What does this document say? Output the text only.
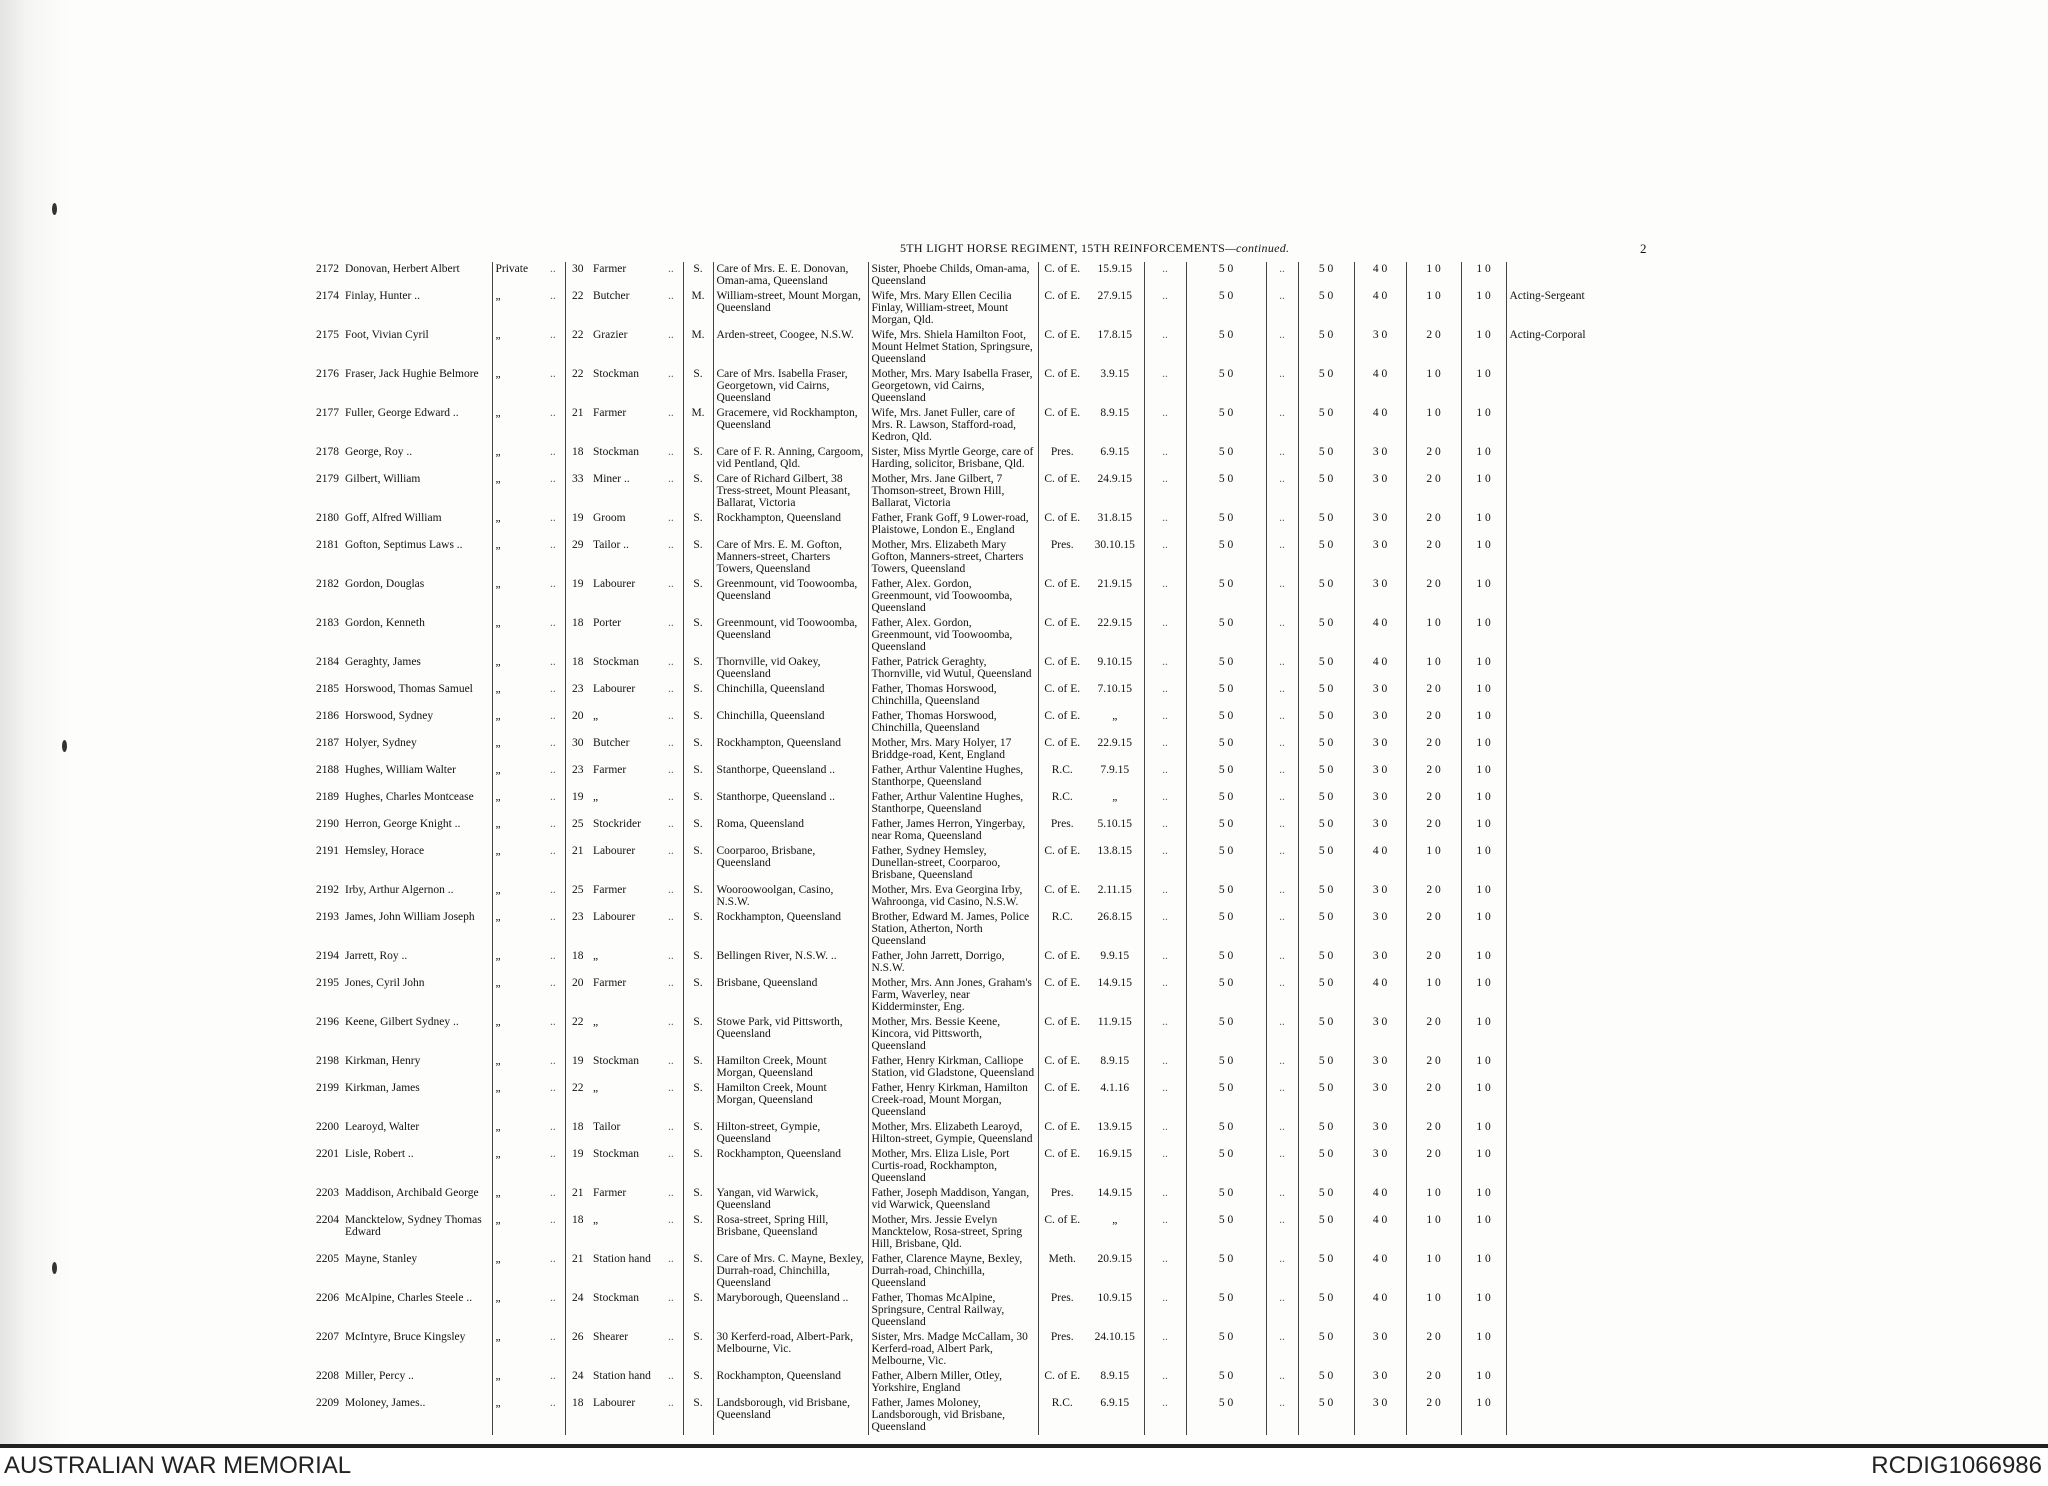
5TH LIGHT HORSE REGIMENT, 15TH REINFORCEMENTS—continued.	2
2172	Donovan, Herbert Albert	Private	..	30	Farmer	..	S.	Care of Mrs. E. E. Donovan, Oman-ama, Queensland	Sister, Phoebe Childs, Oman-ama, Queensland	C. of E.	15.9.15	..	5 0	..	5 0	4 0	1 0	1 0	
2174	Finlay, Hunter ..	„	..	22	Butcher	..	M.	William-street, Mount Morgan, Queensland	Wife, Mrs. Mary Ellen Cecilia Finlay, William-street, Mount Morgan, Qld.	C. of E.	27.9.15	..	5 0	..	5 0	4 0	1 0	1 0	Acting-Sergeant
2175	Foot, Vivian Cyril	„	..	22	Grazier	..	M.	Arden-street, Coogee, N.S.W.	Wife, Mrs. Shiela Hamilton Foot, Mount Helmet Station, Springsure, Queensland	C. of E.	17.8.15	..	5 0	..	5 0	3 0	2 0	1 0	Acting-Corporal
2176	Fraser, Jack Hughie Belmore	„	..	22	Stockman	..	S.	Care of Mrs. Isabella Fraser, Georgetown, vid Cairns, Queensland	Mother, Mrs. Mary Isabella Fraser, Georgetown, vid Cairns, Queensland	C. of E.	3.9.15	..	5 0	..	5 0	4 0	1 0	1 0	
2177	Fuller, George Edward ..	„	..	21	Farmer	..	M.	Gracemere, vid Rockhampton, Queensland	Wife, Mrs. Janet Fuller, care of Mrs. R. Lawson, Stafford-road, Kedron, Qld.	C. of E.	8.9.15	..	5 0	..	5 0	4 0	1 0	1 0	
2178	George, Roy ..	„	..	18	Stockman	..	S.	Care of F. R. Anning, Cargoom, vid Pentland, Qld.	Sister, Miss Myrtle George, care of Harding, solicitor, Brisbane, Qld.	Pres.	6.9.15	..	5 0	..	5 0	3 0	2 0	1 0	
2179	Gilbert, William	„	..	33	Miner ..	..	S.	Care of Richard Gilbert, 38 Tress-street, Mount Pleasant, Ballarat, Victoria	Mother, Mrs. Jane Gilbert, 7 Thomson-street, Brown Hill, Ballarat, Victoria	C. of E.	24.9.15	..	5 0	..	5 0	3 0	2 0	1 0	
2180	Goff, Alfred William	„	..	19	Groom	..	S.	Rockhampton, Queensland	Father, Frank Goff, 9 Lower-road, Plaistowe, London E., England	C. of E.	31.8.15	..	5 0	..	5 0	3 0	2 0	1 0	
2181	Gofton, Septimus Laws ..	„	..	29	Tailor ..	..	S.	Care of Mrs. E. M. Gofton, Manners-street, Charters Towers, Queensland	Mother, Mrs. Elizabeth Mary Gofton, Manners-street, Charters Towers, Queensland	Pres.	30.10.15	..	5 0	..	5 0	3 0	2 0	1 0	
2182	Gordon, Douglas	„	..	19	Labourer	..	S.	Greenmount, vid Toowoomba, Queensland	Father, Alex. Gordon, Greenmount, vid Toowoomba, Queensland	C. of E.	21.9.15	..	5 0	..	5 0	3 0	2 0	1 0	
2183	Gordon, Kenneth	„	..	18	Porter	..	S.	Greenmount, vid Toowoomba, Queensland	Father, Alex. Gordon, Greenmount, vid Toowoomba, Queensland	C. of E.	22.9.15	..	5 0	..	5 0	4 0	1 0	1 0	
2184	Geraghty, James	„	..	18	Stockman	..	S.	Thornville, vid Oakey, Queensland	Father, Patrick Geraghty, Thornville, vid Wutul, Queensland	C. of E.	9.10.15	..	5 0	..	5 0	4 0	1 0	1 0	
2185	Horswood, Thomas Samuel	„	..	23	Labourer	..	S.	Chinchilla, Queensland	Father, Thomas Horswood, Chinchilla, Queensland	C. of E.	7.10.15	..	5 0	..	5 0	3 0	2 0	1 0	
2186	Horswood, Sydney	„	..	20	„	..	S.	Chinchilla, Queensland	Father, Thomas Horswood, Chinchilla, Queensland	C. of E.	„	..	5 0	..	5 0	3 0	2 0	1 0	
2187	Holyer, Sydney	„	..	30	Butcher	..	S.	Rockhampton, Queensland	Mother, Mrs. Mary Holyer, 17 Briddge-road, Kent, England	C. of E.	22.9.15	..	5 0	..	5 0	3 0	2 0	1 0	
2188	Hughes, William Walter	„	..	23	Farmer	..	S.	Stanthorpe, Queensland ..	Father, Arthur Valentine Hughes, Stanthorpe, Queensland	R.C.	7.9.15	..	5 0	..	5 0	3 0	2 0	1 0	
2189	Hughes, Charles Montcease	„	..	19	„	..	S.	Stanthorpe, Queensland ..	Father, Arthur Valentine Hughes, Stanthorpe, Queensland	R.C.	„	..	5 0	..	5 0	3 0	2 0	1 0	
2190	Herron, George Knight ..	„	..	25	Stockrider	..	S.	Roma, Queensland	Father, James Herron, Yingerbay, near Roma, Queensland	Pres.	5.10.15	..	5 0	..	5 0	3 0	2 0	1 0	
2191	Hemsley, Horace	„	..	21	Labourer	..	S.	Coorparoo, Brisbane, Queensland	Father, Sydney Hemsley, Dunellan-street, Coorparoo, Brisbane, Queensland	C. of E.	13.8.15	..	5 0	..	5 0	4 0	1 0	1 0	
2192	Irby, Arthur Algernon ..	„	..	25	Farmer	..	S.	Wooroowoolgan, Casino, N.S.W.	Mother, Mrs. Eva Georgina Irby, Wahroonga, vid Casino, N.S.W.	C. of E.	2.11.15	..	5 0	..	5 0	3 0	2 0	1 0	
2193	James, John William Joseph	„	..	23	Labourer	..	S.	Rockhampton, Queensland	Brother, Edward M. James, Police Station, Atherton, North Queensland	R.C.	26.8.15	..	5 0	..	5 0	3 0	2 0	1 0	
2194	Jarrett, Roy ..	„	..	18	„	..	S.	Bellingen River, N.S.W. ..	Father, John Jarrett, Dorrigo, N.S.W.	C. of E.	9.9.15	..	5 0	..	5 0	3 0	2 0	1 0	
2195	Jones, Cyril John	„	..	20	Farmer	..	S.	Brisbane, Queensland	Mother, Mrs. Ann Jones, Graham's Farm, Waverley, near Kidderminster, Eng.	C. of E.	14.9.15	..	5 0	..	5 0	4 0	1 0	1 0	
2196	Keene, Gilbert Sydney ..	„	..	22	„	..	S.	Stowe Park, vid Pittsworth, Queensland	Mother, Mrs. Bessie Keene, Kincora, vid Pittsworth, Queensland	C. of E.	11.9.15	..	5 0	..	5 0	3 0	2 0	1 0	
2198	Kirkman, Henry	„	..	19	Stockman	..	S.	Hamilton Creek, Mount Morgan, Queensland	Father, Henry Kirkman, Calliope Station, vid Gladstone, Queensland	C. of E.	8.9.15	..	5 0	..	5 0	3 0	2 0	1 0	
2199	Kirkman, James	„	..	22	„	..	S.	Hamilton Creek, Mount Morgan, Queensland	Father, Henry Kirkman, Hamilton Creek-road, Mount Morgan, Queensland	C. of E.	4.1.16	..	5 0	..	5 0	3 0	2 0	1 0	
2200	Learoyd, Walter	„	..	18	Tailor	..	S.	Hilton-street, Gympie, Queensland	Mother, Mrs. Elizabeth Learoyd, Hilton-street, Gympie, Queensland	C. of E.	13.9.15	..	5 0	..	5 0	3 0	2 0	1 0	
2201	Lisle, Robert ..	„	..	19	Stockman	..	S.	Rockhampton, Queensland	Mother, Mrs. Eliza Lisle, Port Curtis-road, Rockhampton, Queensland	C. of E.	16.9.15	..	5 0	..	5 0	3 0	2 0	1 0	
2203	Maddison, Archibald George	„	..	21	Farmer	..	S.	Yangan, vid Warwick, Queensland	Father, Joseph Maddison, Yangan, vid Warwick, Queensland	Pres.	14.9.15	..	5 0	..	5 0	4 0	1 0	1 0	
2204	Mancktelow, Sydney Thomas Edward	„	..	18	„	..	S.	Rosa-street, Spring Hill, Brisbane, Queensland	Mother, Mrs. Jessie Evelyn Mancktelow, Rosa-street, Spring Hill, Brisbane, Qld.	C. of E.	„	..	5 0	..	5 0	4 0	1 0	1 0	
2205	Mayne, Stanley	„	..	21	Station hand	..	S.	Care of Mrs. C. Mayne, Bexley, Durrah-road, Chinchilla, Queensland	Father, Clarence Mayne, Bexley, Durrah-road, Chinchilla, Queensland	Meth.	20.9.15	..	5 0	..	5 0	4 0	1 0	1 0	
2206	McAlpine, Charles Steele ..	„	..	24	Stockman	..	S.	Maryborough, Queensland ..	Father, Thomas McAlpine, Springsure, Central Railway, Queensland	Pres.	10.9.15	..	5 0	..	5 0	4 0	1 0	1 0	
2207	McIntyre, Bruce Kingsley	„	..	26	Shearer	..	S.	30 Kerferd-road, Albert-Park, Melbourne, Vic.	Sister, Mrs. Madge McCallam, 30 Kerferd-road, Albert Park, Melbourne, Vic.	Pres.	24.10.15	..	5 0	..	5 0	3 0	2 0	1 0	
2208	Miller, Percy ..	„	..	24	Station hand	..	S.	Rockhampton, Queensland	Father, Albern Miller, Otley, Yorkshire, England	C. of E.	8.9.15	..	5 0	..	5 0	3 0	2 0	1 0	
2209	Moloney, James..	„	..	18	Labourer	..	S.	Landsborough, vid Brisbane, Queensland	Father, James Moloney, Landsborough, vid Brisbane, Queensland	R.C.	6.9.15	..	5 0	..	5 0	3 0	2 0	1 0	
AUSTRALIAN WAR MEMORIAL	RCDIG1066986
